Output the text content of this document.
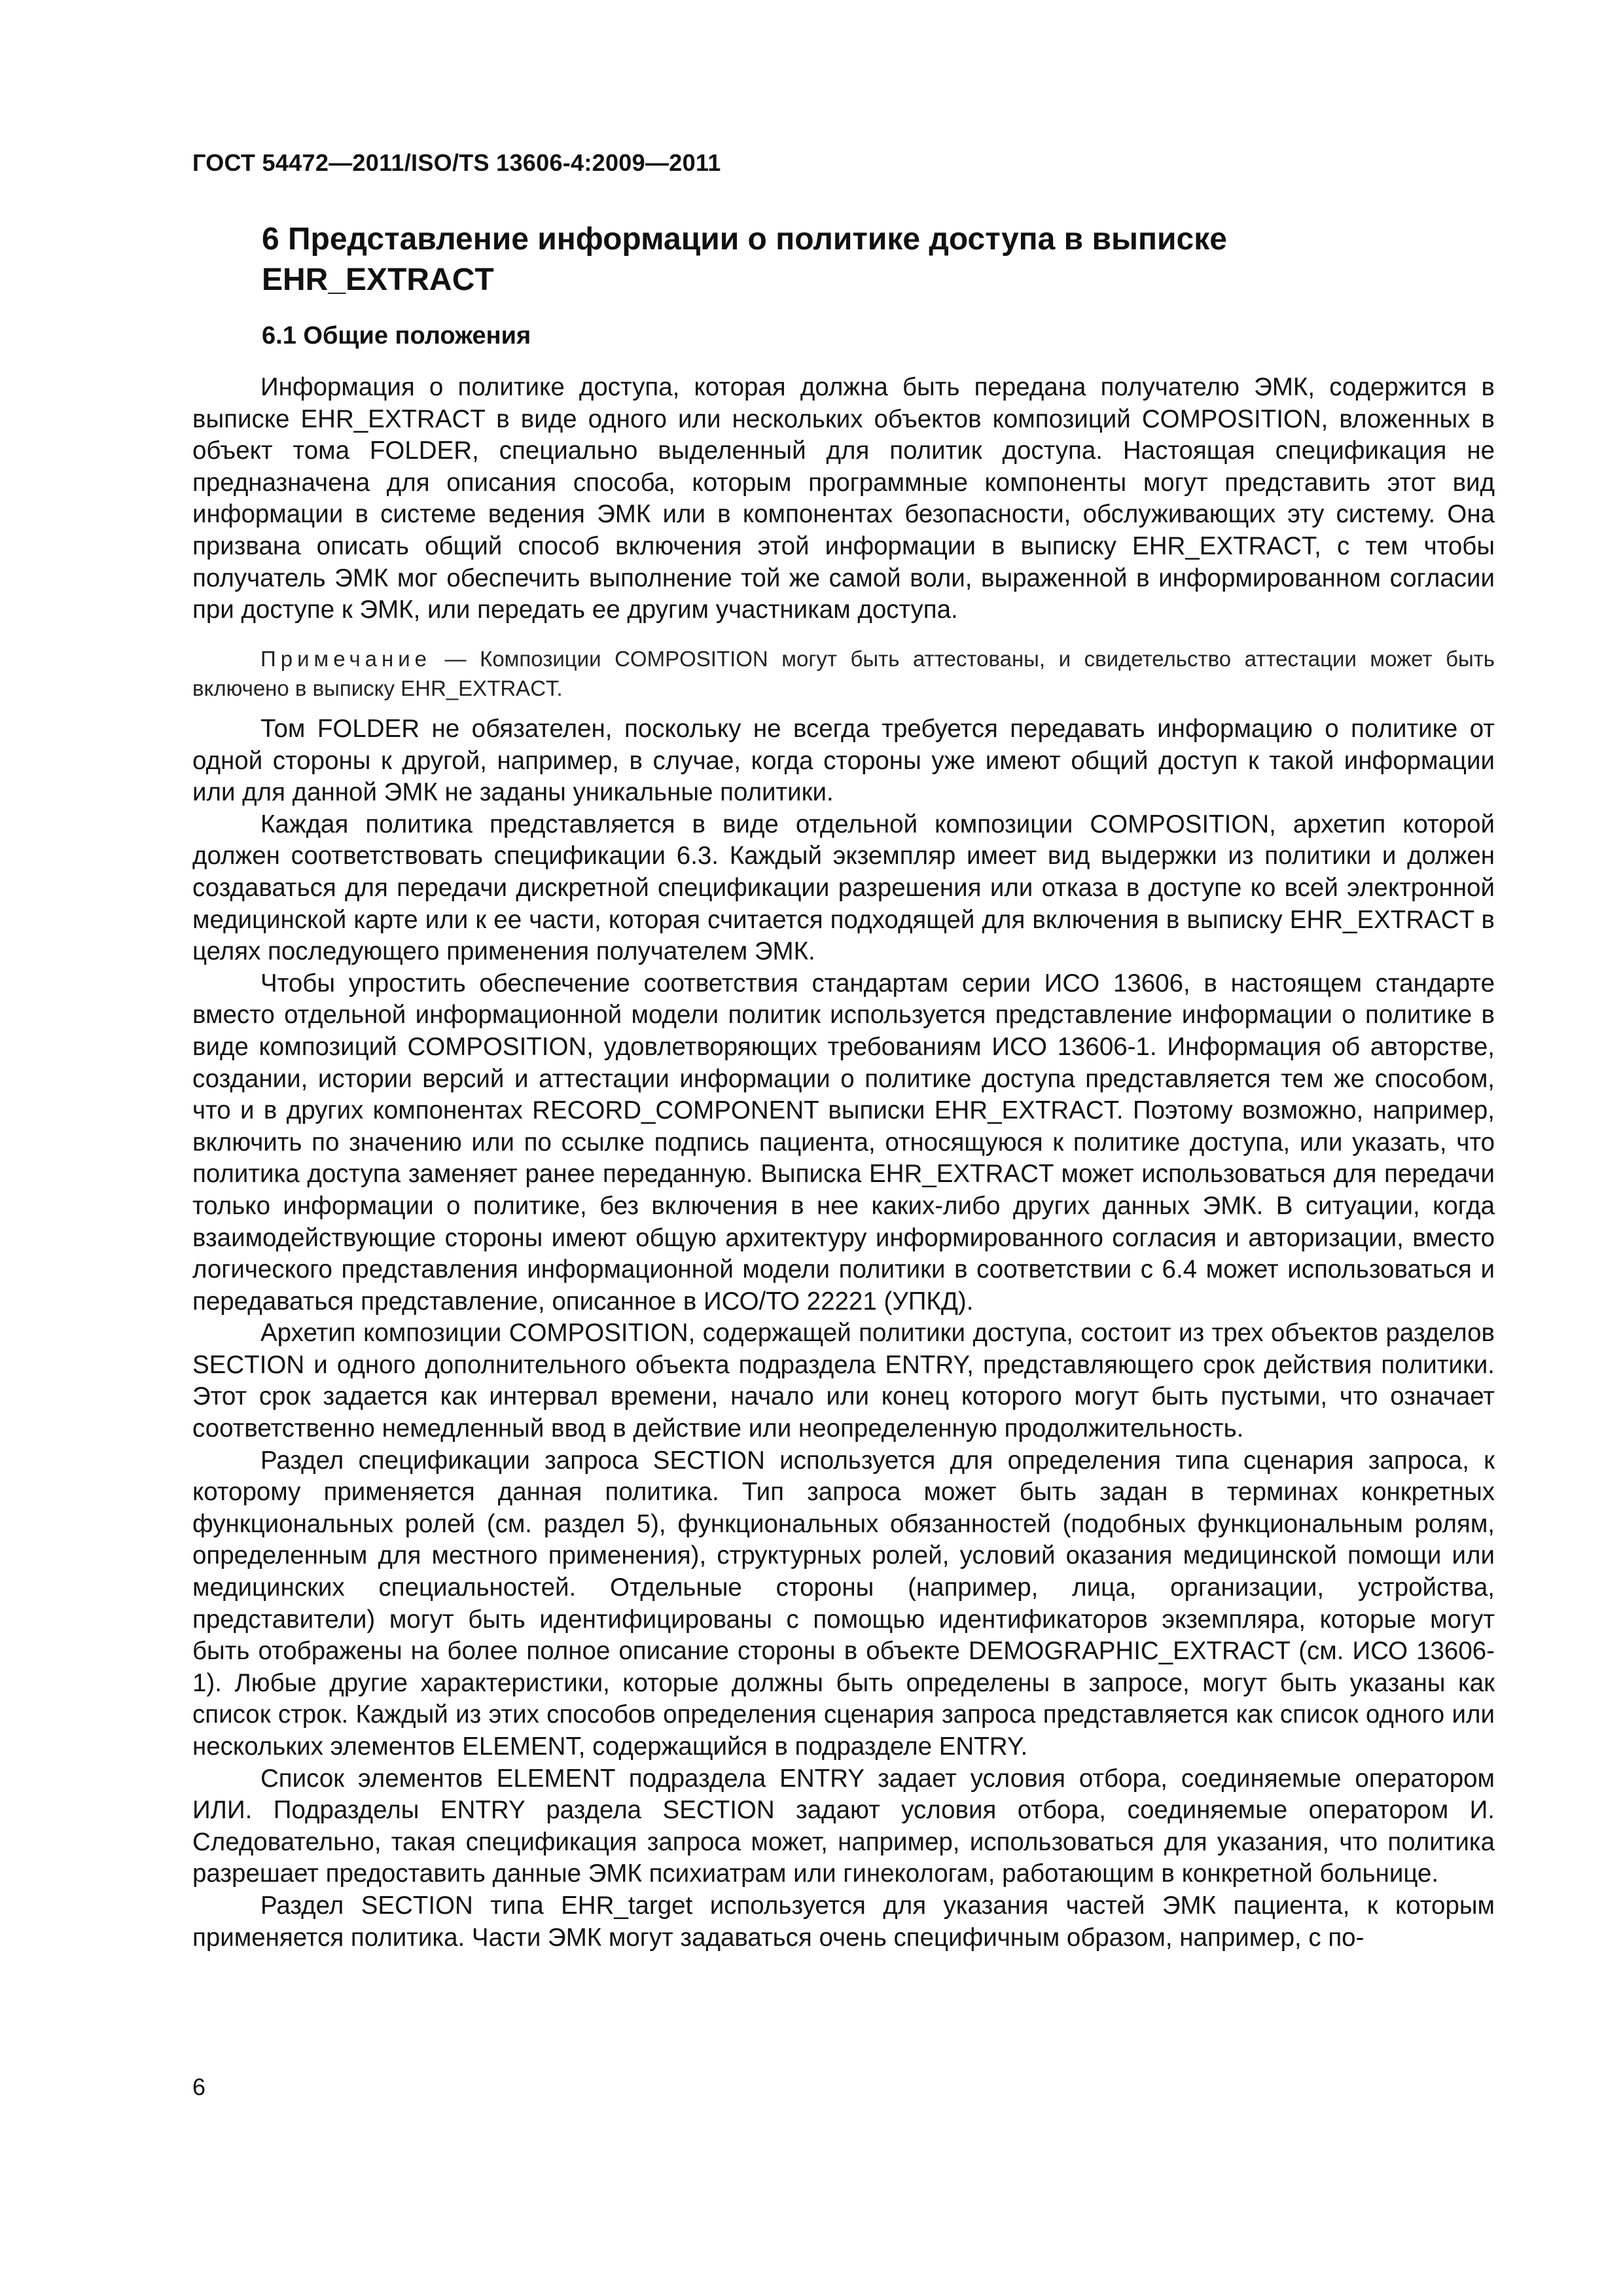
ГОСТ 54472—2011/ISO/TS 13606-4:2009—2011
6 Представление информации о политике доступа в выписке EHR_EXTRACT
6.1 Общие положения

Информация о политике доступа, которая должна быть передана получателю ЭМК, содержится в выписке EHR_EXTRACT в виде одного или нескольких объектов композиций COMPOSITION, вложенных в объект тома FOLDER, специально выделенный для политик доступа. Настоящая спецификация не предназначена для описания способа, которым программные компоненты могут представить этот вид информации в системе ведения ЭМК или в компонентах безопасности, обслуживающих эту систему. Она призвана описать общий способ включения этой информации в выписку EHR_EXTRACT, с тем чтобы получатель ЭМК мог обеспечить выполнение той же самой воли, выраженной в информированном согласии при доступе к ЭМК, или передать ее другим участникам доступа.

Примечание — Композиции COMPOSITION могут быть аттестованы, и свидетельство аттестации может быть включено в выписку EHR_EXTRACT.

Том FOLDER не обязателен, поскольку не всегда требуется передавать информацию о политике от одной стороны к другой, например, в случае, когда стороны уже имеют общий доступ к такой информации или для данной ЭМК не заданы уникальные политики.

Каждая политика представляется в виде отдельной композиции COMPOSITION, архетип которой должен соответствовать спецификации 6.3. Каждый экземпляр имеет вид выдержки из политики и должен создаваться для передачи дискретной спецификации разрешения или отказа в доступе ко всей электронной медицинской карте или к ее части, которая считается подходящей для включения в выписку EHR_EXTRACT в целях последующего применения получателем ЭМК.

Чтобы упростить обеспечение соответствия стандартам серии ИСО 13606, в настоящем стандарте вместо отдельной информационной модели политик используется представление информации о политике в виде композиций COMPOSITION, удовлетворяющих требованиям ИСО 13606-1. Информация об авторстве, создании, истории версий и аттестации информации о политике доступа представляется тем же способом, что и в других компонентах RECORD_COMPONENT выписки EHR_EXTRACT. Поэтому возможно, например, включить по значению или по ссылке подпись пациента, относящуюся к политике доступа, или указать, что политика доступа заменяет ранее переданную. Выписка EHR_EXTRACT может использоваться для передачи только информации о политике, без включения в нее каких-либо других данных ЭМК. В ситуации, когда взаимодействующие стороны имеют общую архитектуру информированного согласия и авторизации, вместо логического представления информационной модели политики в соответствии с 6.4 может использоваться и передаваться представление, описанное в ИСО/ТО 22221 (УПКД).

Архетип композиции COMPOSITION, содержащей политики доступа, состоит из трех объектов разделов SECTION и одного дополнительного объекта подраздела ENTRY, представляющего срок действия политики. Этот срок задается как интервал времени, начало или конец которого могут быть пустыми, что означает соответственно немедленный ввод в действие или неопределенную продолжительность.

Раздел спецификации запроса SECTION используется для определения типа сценария запроса, к которому применяется данная политика. Тип запроса может быть задан в терминах конкретных функциональных ролей (см. раздел 5), функциональных обязанностей (подобных функциональным ролям, определенным для местного применения), структурных ролей, условий оказания медицинской помощи или медицинских специальностей. Отдельные стороны (например, лица, организации, устройства, представители) могут быть идентифицированы с помощью идентификаторов экземпляра, которые могут быть отображены на более полное описание стороны в объекте DEMOGRAPHIC_EXTRACT (см. ИСО 13606-1). Любые другие характеристики, которые должны быть определены в запросе, могут быть указаны как список строк. Каждый из этих способов определения сценария запроса представляется как список одного или нескольких элементов ELEMENT, содержащийся в подразделе ENTRY.

Список элементов ELEMENT подраздела ENTRY задает условия отбора, соединяемые оператором ИЛИ. Подразделы ENTRY раздела SECTION задают условия отбора, соединяемые оператором И. Следовательно, такая спецификация запроса может, например, использоваться для указания, что политика разрешает предоставить данные ЭМК психиатрам или гинекологам, работающим в конкретной больнице.

Раздел SECTION типа EHR_target используется для указания частей ЭМК пациента, к которым применяется политика. Части ЭМК могут задаваться очень специфичным образом, например, с по-

6
